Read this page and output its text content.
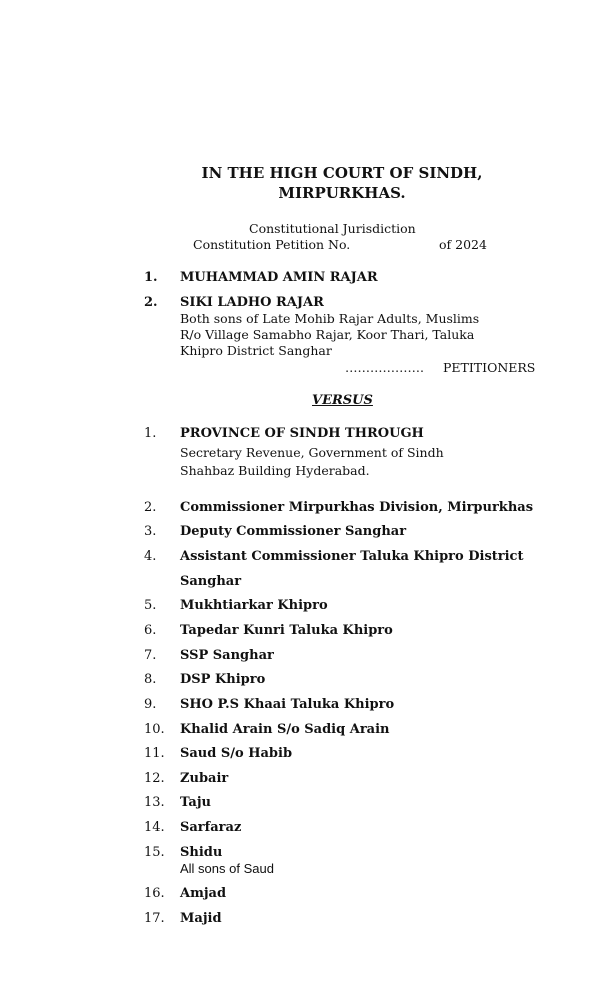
IN THE HIGH COURT OF SINDH,
MIRPURKHAS.
Constitutional Jurisdiction
Constitution Petition No.	of 2024
1. MUHAMMAD AMIN RAJAR
2. SIKI LADHO RAJAR
Both sons of Late Mohib Rajar Adults, Muslims
R/o Village Samabho Rajar, Koor Thari, Taluka
Khipro District Sanghar
………………. PETITIONERS
VERSUS
1. PROVINCE OF SINDH THROUGH
Secretary Revenue, Government of Sindh
Shahbaz Building Hyderabad.
2. Commissioner Mirpurkhas Division, Mirpurkhas
3. Deputy Commissioner Sanghar
4. Assistant Commissioner Taluka Khipro District
Sanghar
5. Mukhtiarkar Khipro
6. Tapedar Kunri Taluka Khipro
7. SSP Sanghar
8. DSP Khipro
9. SHO P.S Khaai Taluka Khipro
10. Khalid Arain S/o Sadiq Arain
11. Saud S/o Habib
12. Zubair
13. Taju
14. Sarfaraz
15. Shidu
All sons of Saud
16. Amjad
17. Majid
